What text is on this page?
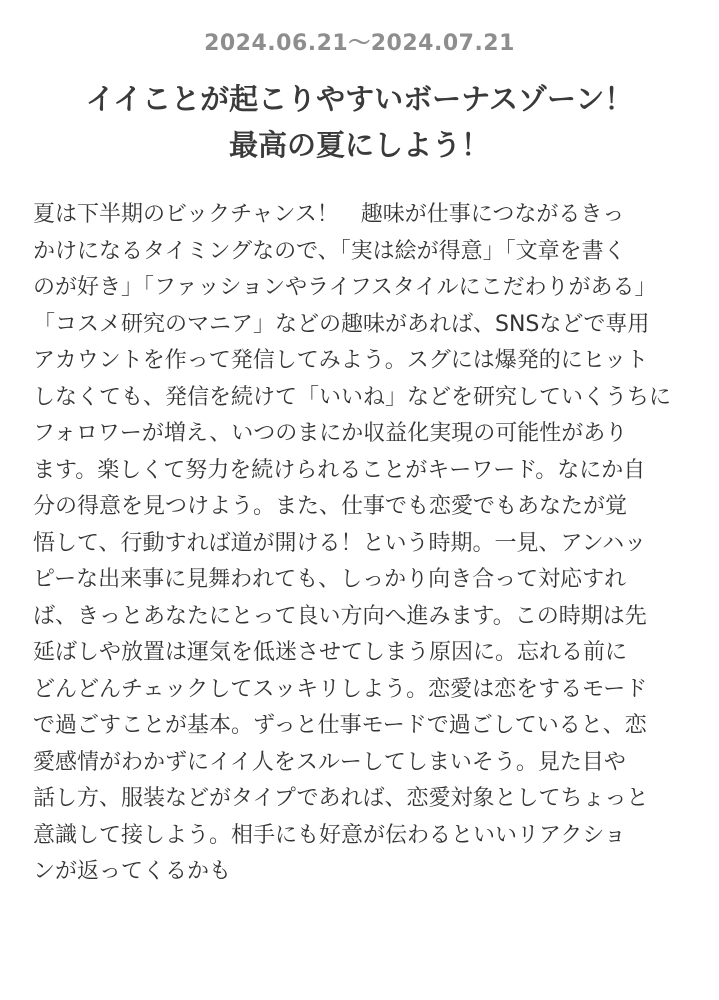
2024.06.21〜2024.07.21
イイことが起こりやすいボーナスゾーン！
最高の夏にしよう！
夏は下半期のビックチャンス！　趣味が仕事につながるきっ
かけになるタイミングなので、「実は絵が得意」「文章を書く
のが好き」「ファッションやライフスタイルにこだわりがある」
「コスメ研究のマニア」などの趣味があれば、SNSなどで専用
アカウントを作って発信してみよう。スグには爆発的にヒット
しなくても、発信を続けて「いいね」などを研究していくうちに
フォロワーが増え、いつのまにか収益化実現の可能性があり
ます。楽しくて努力を続けられることがキーワード。なにか自
分の得意を見つけよう。また、仕事でも恋愛でもあなたが覚
悟して、行動すれば道が開ける！という時期。一見、アンハッ
ピーな出来事に見舞われても、しっかり向き合って対応すれ
ば、きっとあなたにとって良い方向へ進みます。この時期は先
延ばしや放置は運気を低迷させてしまう原因に。忘れる前に
どんどんチェックしてスッキリしよう。恋愛は恋をするモード
で過ごすことが基本。ずっと仕事モードで過ごしていると、恋
愛感情がわかずにイイ人をスルーしてしまいそう。見た目や
話し方、服装などがタイプであれば、恋愛対象としてちょっと
意識して接しよう。相手にも好意が伝わるといいリアクショ
ンが返ってくるかも
